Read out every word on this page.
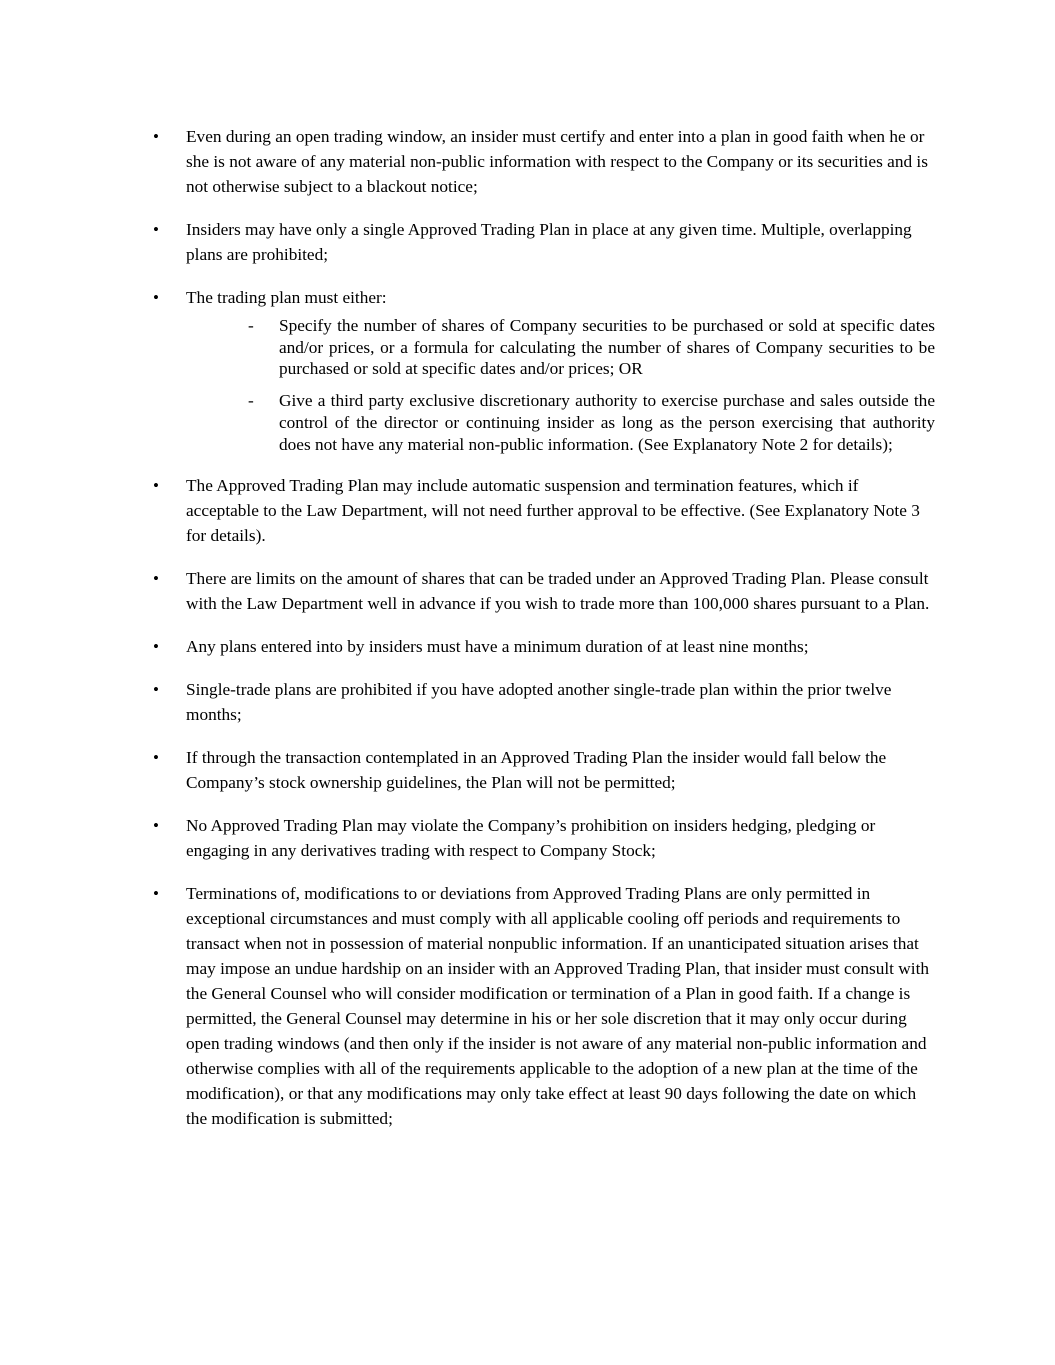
• Even during an open trading window, an insider must certify and enter into a plan in good faith when he or she is not aware of any material non-public information with respect to the Company or its securities and is not otherwise subject to a blackout notice;
• Insiders may have only a single Approved Trading Plan in place at any given time. Multiple, overlapping plans are prohibited;
• The trading plan must either:
- Specify the number of shares of Company securities to be purchased or sold at specific dates and/or prices, or a formula for calculating the number of shares of Company securities to be purchased or sold at specific dates and/or prices; OR
- Give a third party exclusive discretionary authority to exercise purchase and sales outside the control of the director or continuing insider as long as the person exercising that authority does not have any material non-public information. (See Explanatory Note 2 for details);
• The Approved Trading Plan may include automatic suspension and termination features, which if acceptable to the Law Department, will not need further approval to be effective. (See Explanatory Note 3 for details).
• There are limits on the amount of shares that can be traded under an Approved Trading Plan. Please consult with the Law Department well in advance if you wish to trade more than 100,000 shares pursuant to a Plan.
• Any plans entered into by insiders must have a minimum duration of at least nine months;
• Single-trade plans are prohibited if you have adopted another single-trade plan within the prior twelve months;
• If through the transaction contemplated in an Approved Trading Plan the insider would fall below the Company’s stock ownership guidelines, the Plan will not be permitted;
• No Approved Trading Plan may violate the Company’s prohibition on insiders hedging, pledging or engaging in any derivatives trading with respect to Company Stock;
• Terminations of, modifications to or deviations from Approved Trading Plans are only permitted in exceptional circumstances and must comply with all applicable cooling off periods and requirements to transact when not in possession of material nonpublic information. If an unanticipated situation arises that may impose an undue hardship on an insider with an Approved Trading Plan, that insider must consult with the General Counsel who will consider modification or termination of a Plan in good faith. If a change is permitted, the General Counsel may determine in his or her sole discretion that it may only occur during open trading windows (and then only if the insider is not aware of any material non-public information and otherwise complies with all of the requirements applicable to the adoption of a new plan at the time of the modification), or that any modifications may only take effect at least 90 days following the date on which the modification is submitted;
